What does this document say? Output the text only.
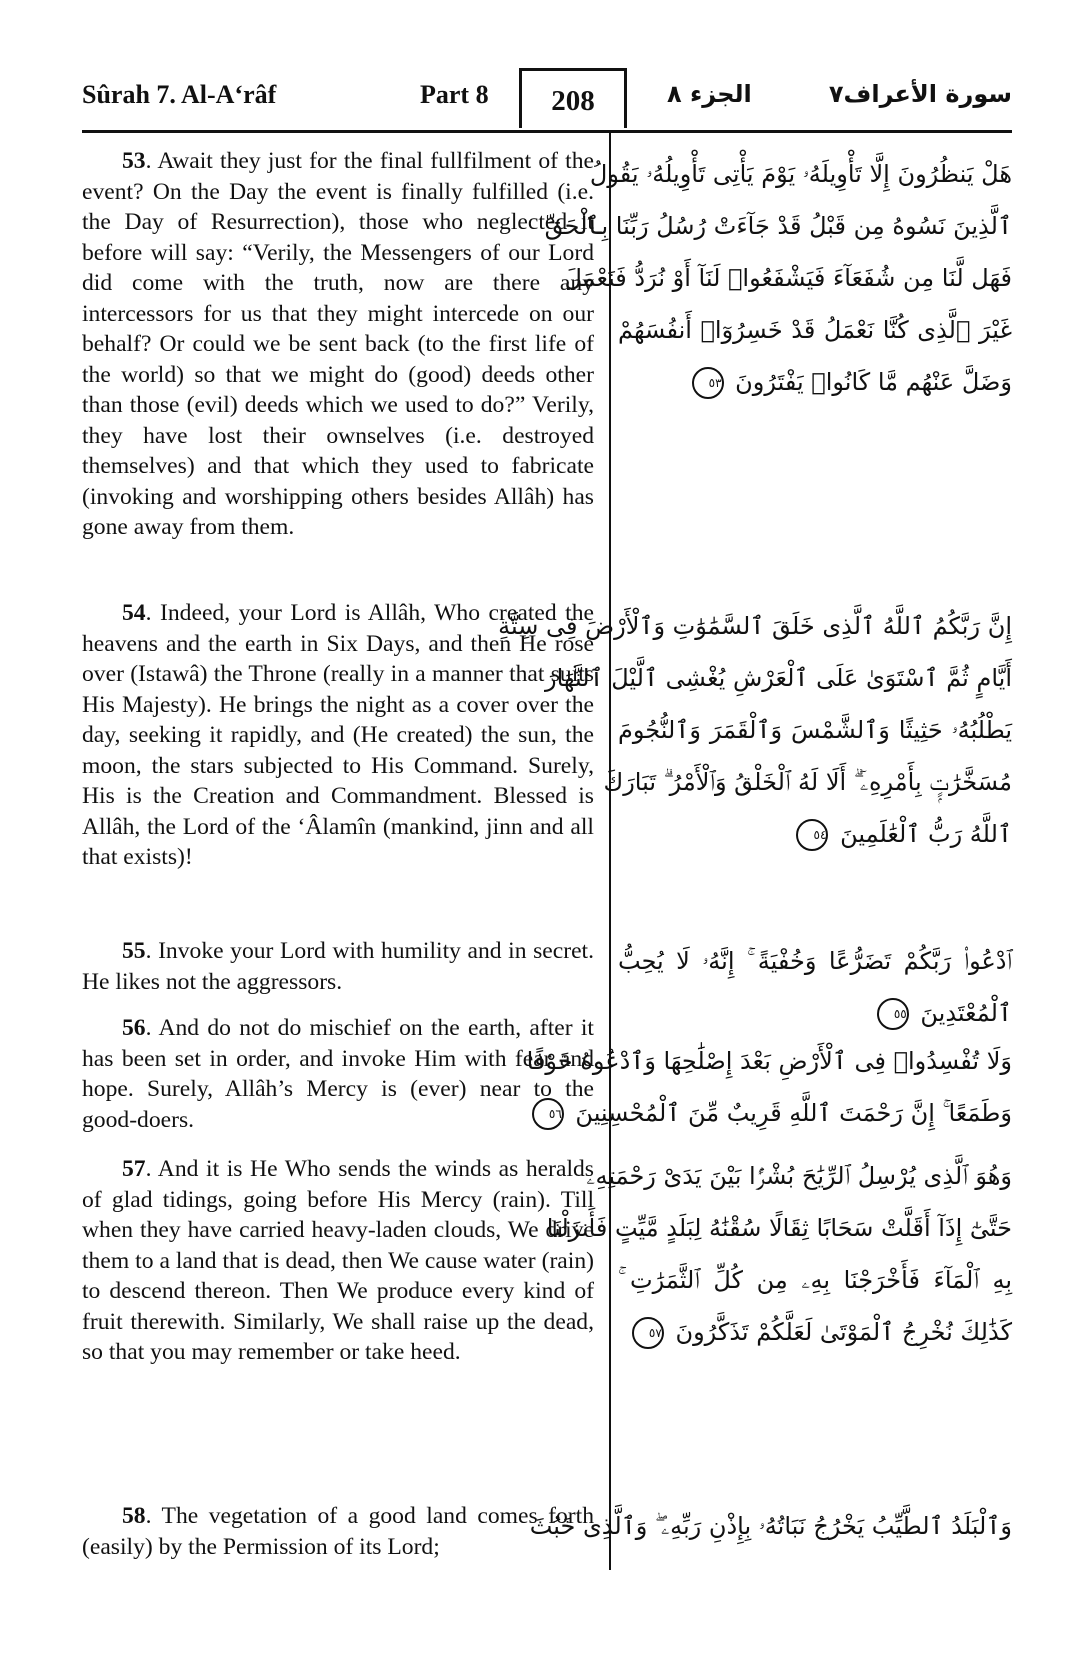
Sûrah 7. Al-A‘râf	Part 8	208	الجزء ٨	سورة الأعراف٧

53. Await they just for the final fullfilment of the event? On the Day the event is finally fulfilled (i.e. the Day of Resurrection), those who neglected it before will say: “Verily, the Messengers of our Lord did come with the truth, now are there any intercessors for us that they might intercede on our behalf? Or could we be sent back (to the first life of the world) so that we might do (good) deeds other than those (evil) deeds which we used to do?” Verily, they have lost their ownselves (i.e. destroyed themselves) and that which they used to fabricate (invoking and worshipping others besides Allâh) has gone away from them.

54. Indeed, your Lord is Allâh, Who created the heavens and the earth in Six Days, and then He rose over (Istawâ) the Throne (really in a manner that suits His Majesty). He brings the night as a cover over the day, seeking it rapidly, and (He created) the sun, the moon, the stars subjected to His Command. Surely, His is the Creation and Commandment. Blessed is Allâh, the Lord of the ‘Âlamîn (mankind, jinn and all that exists)!

55. Invoke your Lord with humility and in secret. He likes not the aggressors.

56. And do not do mischief on the earth, after it has been set in order, and invoke Him with fear and hope. Surely, Allâh’s Mercy is (ever) near to the good-doers.

57. And it is He Who sends the winds as heralds of glad tidings, going before His Mercy (rain). Till when they have carried heavy-laden clouds, We drive them to a land that is dead, then We cause water (rain) to descend thereon. Then We produce every kind of fruit therewith. Similarly, We shall raise up the dead, so that you may remember or take heed.

58. The vegetation of a good land comes forth (easily) by the Permission of its Lord;

هَلْ يَنظُرُونَ إِلَّا تَأْوِيلَهُۥ يَوْمَ يَأْتِى تَأْوِيلُهُۥ يَقُولُ
ٱلَّذِينَ نَسُوهُ مِن قَبْلُ قَدْ جَآءَتْ رُسُلُ رَبِّنَا بِٱلْحَقِّ
فَهَل لَّنَا مِن شُفَعَآءَ فَيَشْفَعُوا۟ لَنَآ أَوْ نُرَدُّ فَنَعْمَلَ
غَيْرَ ٱلَّذِى كُنَّا نَعْمَلُ قَدْ خَسِرُوٓا۟ أَنفُسَهُمْ
وَضَلَّ عَنْهُم مَّا كَانُوا۟ يَفْتَرُونَ ٥٣
إِنَّ رَبَّكُمُ ٱللَّهُ ٱلَّذِى خَلَقَ ٱلسَّمَٰوَٰتِ وَٱلْأَرْضَ فِى سِتَّةِ
أَيَّامٍ ثُمَّ ٱسْتَوَىٰ عَلَى ٱلْعَرْشِ يُغْشِى ٱلَّيْلَ ٱلنَّهَارَ
يَطْلُبُهُۥ حَثِيثًا وَٱلشَّمْسَ وَٱلْقَمَرَ وَٱلنُّجُومَ
مُسَخَّرَٰتٍۭ بِأَمْرِهِۦٓ ۗ أَلَا لَهُ ٱلْخَلْقُ وَٱلْأَمْرُ ۗ تَبَارَكَ
ٱللَّهُ رَبُّ ٱلْعَٰلَمِينَ ٥٤
ٱدْعُوا۟ رَبَّكُمْ تَضَرُّعًا وَخُفْيَةً ۚ إِنَّهُۥ لَا يُحِبُّ
ٱلْمُعْتَدِينَ ٥٥
وَلَا تُفْسِدُوا۟ فِى ٱلْأَرْضِ بَعْدَ إِصْلَٰحِهَا وَٱدْعُوهُ خَوْفًا
وَطَمَعًا ۚ إِنَّ رَحْمَتَ ٱللَّهِ قَرِيبٌ مِّنَ ٱلْمُحْسِنِينَ ٥٦
وَهُوَ ٱلَّذِى يُرْسِلُ ٱلرِّيَٰحَ بُشْرًۢا بَيْنَ يَدَىْ رَحْمَتِهِۦ
حَتَّىٰٓ إِذَآ أَقَلَّتْ سَحَابًا ثِقَالًا سُقْنَٰهُ لِبَلَدٍ مَّيِّتٍ فَأَنزَلْنَا
بِهِ ٱلْمَآءَ فَأَخْرَجْنَا بِهِۦ مِن كُلِّ ٱلثَّمَرَٰتِ ۚ
كَذَٰلِكَ نُخْرِجُ ٱلْمَوْتَىٰ لَعَلَّكُمْ تَذَكَّرُونَ ٥٧
وَٱلْبَلَدُ ٱلطَّيِّبُ يَخْرُجُ نَبَاتُهُۥ بِإِذْنِ رَبِّهِۦ ۖ وَٱلَّذِى خَبُثَ
